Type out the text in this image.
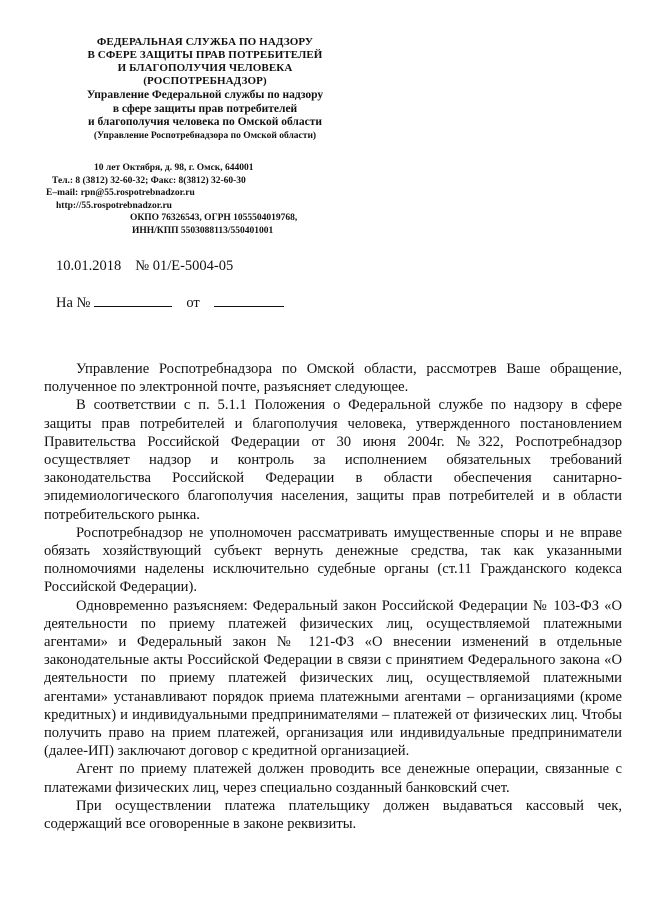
ФЕДЕРАЛЬНАЯ СЛУЖБА ПО НАДЗОРУ
В СФЕРЕ ЗАЩИТЫ ПРАВ ПОТРЕБИТЕЛЕЙ
И БЛАГОПОЛУЧИЯ ЧЕЛОВЕКА
(РОСПОТРЕБНАДЗОР)
Управление Федеральной службы по надзору
в сфере защиты прав потребителей
и благополучия человека по Омской области
(Управление Роспотребнадзора по Омской области)
10 лет Октября, д. 98, г. Омск, 644001
Тел.: 8 (3812) 32-60-32; Факс: 8(3812) 32-60-30
E–mail: rpn@55.rospotrebnadzor.ru
http://55.rospotrebnadzor.ru
ОКПО 76326543, ОГРН 1055504019768,
ИНН/КПП 5503088113/550401001
10.01.2018 № 01/Е-5004-05
На №	от

Управление Роспотребнадзора по Омской области, рассмотрев Ваше обращение, полученное по электронной почте, разъясняет следующее.

В соответствии с п. 5.1.1 Положения о Федеральной службе по надзору в сфере защиты прав потребителей и благополучия человека, утвержденного постановлением Правительства Российской Федерации от 30 июня 2004г. №322, Роспотребнадзор осуществляет надзор и контроль за исполнением обязательных требований законодательства Российской Федерации в области обеспечения санитарно-эпидемиологического благополучия населения, защиты прав потребителей и в области потребительского рынка.

Роспотребнадзор не уполномочен рассматривать имущественные споры и не вправе обязать хозяйствующий субъект вернуть денежные средства, так как указанными полномочиями наделены исключительно судебные органы (ст.11 Гражданского кодекса Российской Федерации).

Одновременно разъясняем: Федеральный закон Российской Федерации № 103-ФЗ «О деятельности по приему платежей физических лиц, осуществляемой платежными агентами» и Федеральный закон № 121-ФЗ «О внесении изменений в отдельные законодательные акты Российской Федерации в связи с принятием Федерального закона «О деятельности по приему платежей физических лиц, осуществляемой платежными агентами» устанавливают порядок приема платежными агентами – организациями (кроме кредитных) и индивидуальными предпринимателями – платежей от физических лиц. Чтобы получить право на прием платежей, организация или индивидуальные предприниматели (далее-ИП) заключают договор с кредитной организацией.

Агент по приему платежей должен проводить все денежные операции, связанные с платежами физических лиц, через специально созданный банковский счет.

При осуществлении платежа плательщику должен выдаваться кассовый чек, содержащий все оговоренные в законе реквизиты.
